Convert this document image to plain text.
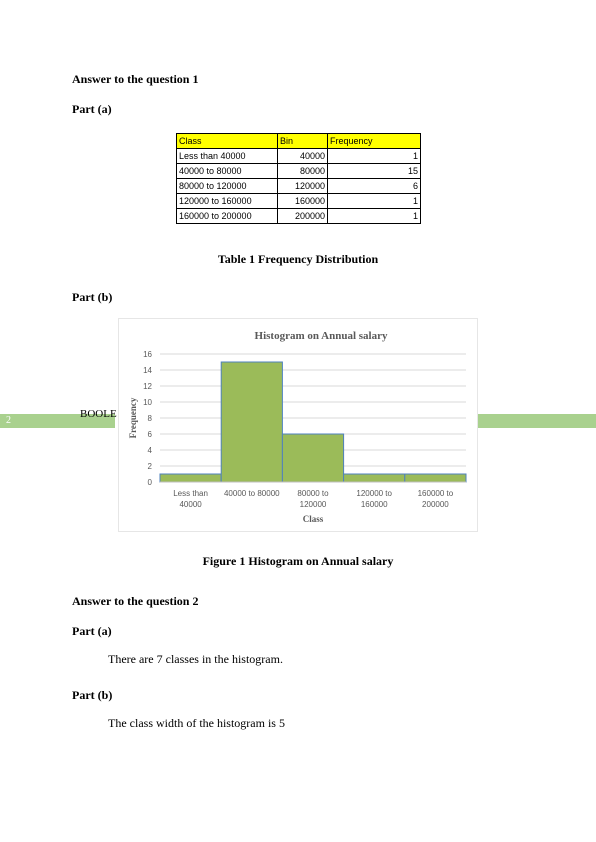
Answer to the question 1

Part (a)

Class	Bin	Frequency
Less than 40000	40000	1
40000 to 80000	80000	15
80000 to 120000	120000	6
120000 to 160000	160000	1
160000 to 200000	200000	1

Table 1 Frequency Distribution

Part (b)

2
BOOLE
Histogram on Annual salary
0
2
4
6
8
10
12
14
16
Less than 40000
40000 to 80000 80000 to 120000
120000 to 160000
160000 to 200000
Class
Frequency

Figure 1 Histogram on Annual salary

Answer to the question 2

Part (a)

There are 7 classes in the histogram.

Part (b)

The class width of the histogram is 5
